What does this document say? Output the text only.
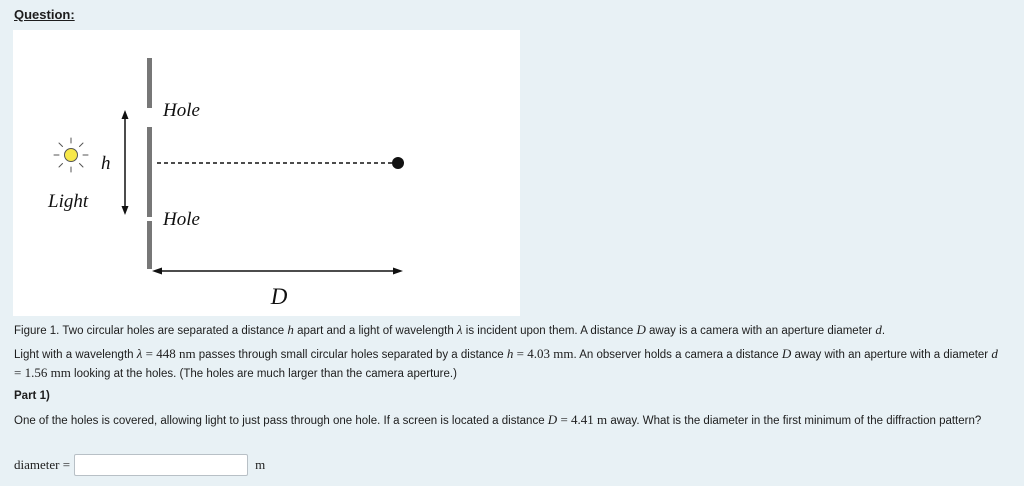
Question:
Light
h
Hole
Hole
D

Figure 1. Two circular holes are separated a distance h apart and a light of wavelength λ is incident upon them. A distance D away is a camera with an aperture diameter d.

Light with a wavelength λ = 448 nm passes through small circular holes separated by a distance h = 4.03 mm. An observer holds a camera a distance D away with an aperture with a diameter d = 1.56 mm looking at the holes. (The holes are much larger than the camera aperture.)

Part 1)

One of the holes is covered, allowing light to just pass through one hole. If a screen is located a distance D = 4.41 m away. What is the diameter in the first minimum of the diffraction pattern?

diameter =	m
